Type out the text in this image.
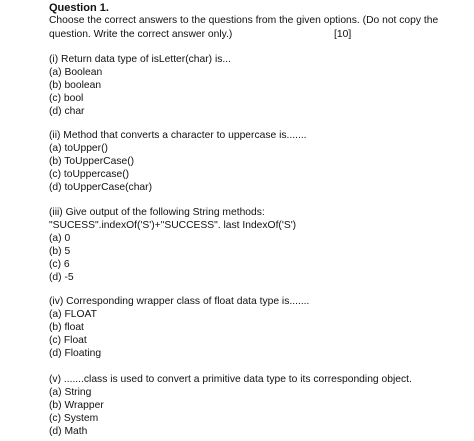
Question 1.
Choose the correct answers to the questions from the given options. (Do not copy the
question. Write the correct answer only.)	[10]
(i) Return data type of isLetter(char) is...
(a) Boolean
(b) boolean
(c) bool
(d) char
(ii) Method that converts a character to uppercase is.......
(a) toUpper()
(b) ToUpperCase()
(c) toUppercase()
(d) toUpperCase(char)
(iii) Give output of the following String methods:
"SUCESS".indexOf('S')+"SUCCESS". last IndexOf('S')
(a) 0
(b) 5
(c) 6
(d) -5
(iv) Corresponding wrapper class of float data type is.......
(a) FLOAT
(b) float
(c) Float
(d) Floating
(v) .......class is used to convert a primitive data type to its corresponding object.
(a) String
(b) Wrapper
(c) System
(d) Math
